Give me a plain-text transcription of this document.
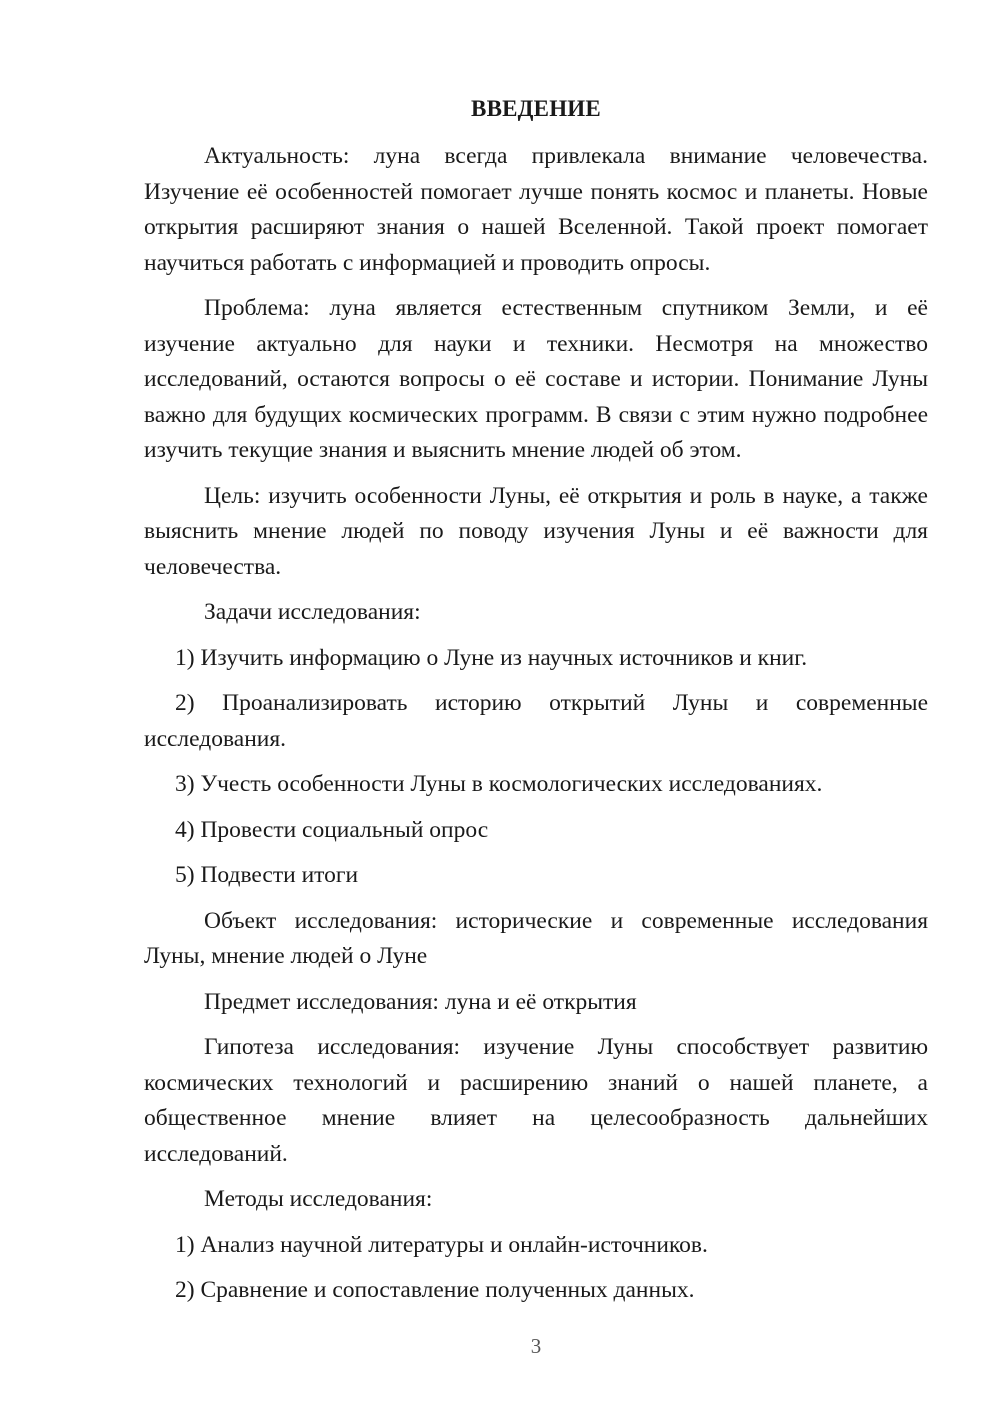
ВВЕДЕНИЕ

Актуальность: луна всегда привлекала внимание человечества. Изучение её особенностей помогает лучше понять космос и планеты. Новые открытия расширяют знания о нашей Вселенной. Такой проект помогает научиться работать с информацией и проводить опросы.

Проблема: луна является естественным спутником Земли, и её изучение актуально для науки и техники. Несмотря на множество исследований, остаются вопросы о её составе и истории. Понимание Луны важно для будущих космических программ. В связи с этим нужно подробнее изучить текущие знания и выяснить мнение людей об этом.

Цель: изучить особенности Луны, её открытия и роль в науке, а также выяснить мнение людей по поводу изучения Луны и её важности для человечества.

Задачи исследования:

1) Изучить информацию о Луне из научных источников и книг.

2) Проанализировать историю открытий Луны и современные исследования.

3) Учесть особенности Луны в космологических исследованиях.

4) Провести социальный опрос

5) Подвести итоги

Объект исследования: исторические и современные исследования Луны, мнение людей о Луне

Предмет исследования: луна и её открытия

Гипотеза исследования: изучение Луны способствует развитию космических технологий и расширению знаний о нашей планете, а общественное мнение влияет на целесообразность дальнейших исследований.

Методы исследования:

1) Анализ научной литературы и онлайн-источников.

2) Сравнение и сопоставление полученных данных.

3
